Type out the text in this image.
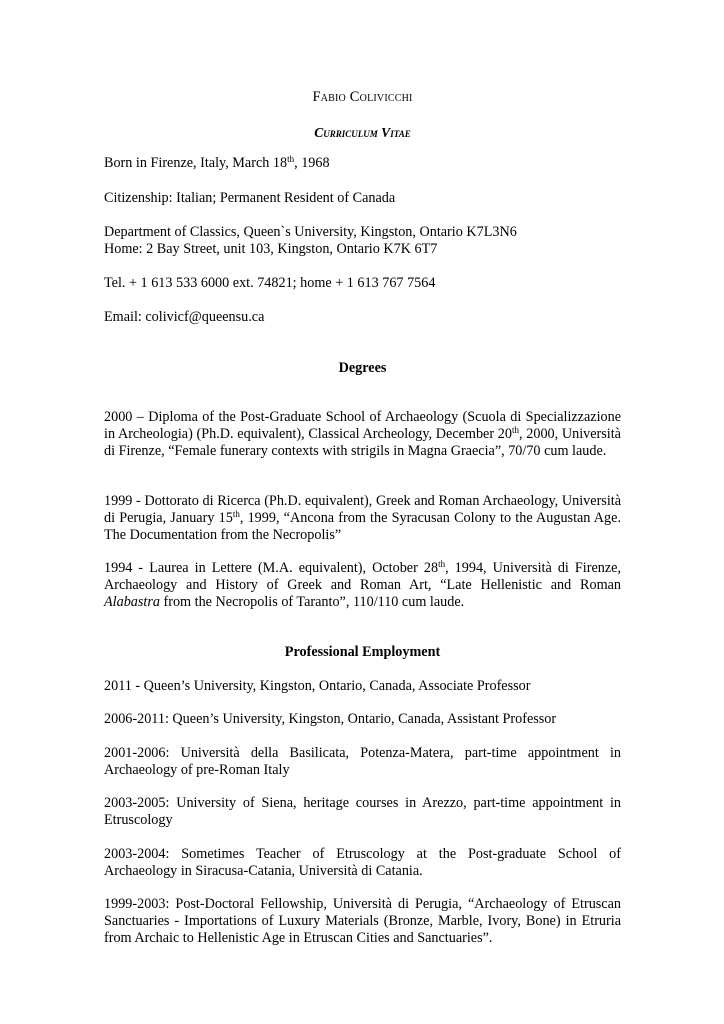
Fabio Colivicchi
Curriculum Vitae
Born in Firenze, Italy, March 18th, 1968
Citizenship: Italian; Permanent Resident of Canada
Department of Classics, Queen`s University, Kingston, Ontario K7L3N6
Home: 2 Bay Street, unit 103, Kingston, Ontario K7K 6T7
Tel. + 1 613 533 6000 ext. 74821; home + 1 613 767 7564
Email: colivicf@queensu.ca
Degrees
2000 – Diploma of the Post-Graduate School of Archaeology (Scuola di Specializzazione in Archeologia) (Ph.D. equivalent), Classical Archeology, December 20th, 2000, Università di Firenze, “Female funerary contexts with strigils in Magna Graecia”, 70/70 cum laude.
1999 - Dottorato di Ricerca (Ph.D. equivalent), Greek and Roman Archaeology, Università di Perugia, January 15th, 1999, “Ancona from the Syracusan Colony to the Augustan Age. The Documentation from the Necropolis”
1994 - Laurea in Lettere (M.A. equivalent), October 28th, 1994, Università di Firenze, Archaeology and History of Greek and Roman Art, “Late Hellenistic and Roman Alabastra from the Necropolis of Taranto”, 110/110 cum laude.
Professional Employment
2011 - Queen’s University, Kingston, Ontario, Canada, Associate Professor
2006-2011: Queen’s University, Kingston, Ontario, Canada, Assistant Professor
2001-2006: Università della Basilicata, Potenza-Matera, part-time appointment in Archaeology of pre-Roman Italy
2003-2005: University of Siena, heritage courses in Arezzo, part-time appointment in Etruscology
2003-2004: Sometimes Teacher of Etruscology at the Post-graduate School of Archaeology in Siracusa-Catania, Università di Catania.
1999-2003: Post-Doctoral Fellowship, Università di Perugia, “Archaeology of Etruscan Sanctuaries - Importations of Luxury Materials (Bronze, Marble, Ivory, Bone) in Etruria from Archaic to Hellenistic Age in Etruscan Cities and Sanctuaries”.
